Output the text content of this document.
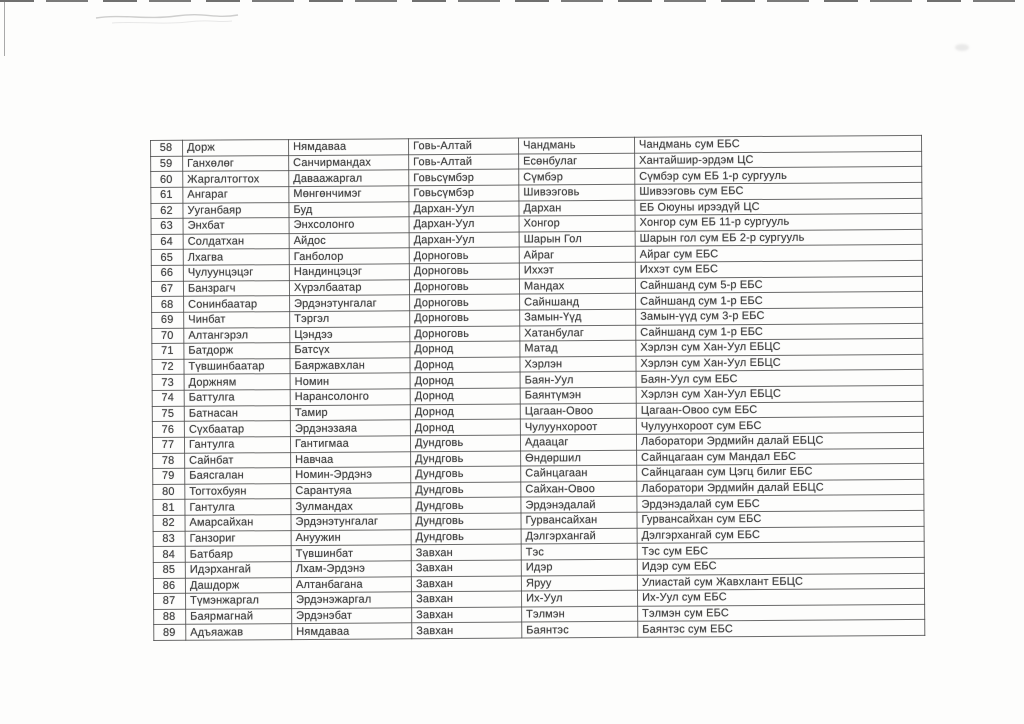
58	Дорж	Нямдаваа	Говь-Алтай	Чандмань	Чандмань сум ЕБС
59	Ганхөлөг	Санчирмандах	Говь-Алтай	Есөнбулаг	Хантайшир-эрдэм ЦС
60	Жаргалтогтох	Даваажаргал	Говьсүмбэр	Сүмбэр	Сүмбэр сум ЕБ 1-р сургууль
61	Ангараг	Мөнгөнчимэг	Говьсүмбэр	Шивээговь	Шивээговь сум ЕБС
62	Ууганбаяр	Буд	Дархан-Уул	Дархан	ЕБ Оюуны ирээдүй ЦС
63	Энхбат	Энхсолонго	Дархан-Уул	Хонгор	Хонгор сум ЕБ 11-р сургууль
64	Солдатхан	Айдос	Дархан-Уул	Шарын Гол	Шарын гол сум ЕБ 2-р сургууль
65	Лхагва	Ганболор	Дорноговь	Айраг	Айраг сум ЕБС
66	Чулуунцэцэг	Нандинцэцэг	Дорноговь	Иххэт	Иххэт сум ЕБС
67	Банзрагч	Хүрэлбаатар	Дорноговь	Мандах	Сайншанд сум 5-р ЕБС
68	Сонинбаатар	Эрдэнэтунгалаг	Дорноговь	Сайншанд	Сайншанд сум 1-р ЕБС
69	Чинбат	Тэргэл	Дорноговь	Замын-Үүд	Замын-үүд сум 3-р ЕБС
70	Алтангэрэл	Цэндээ	Дорноговь	Хатанбулаг	Сайншанд сум 1-р ЕБС
71	Батдорж	Батсүх	Дорнод	Матад	Хэрлэн сум Хан-Уул ЕБЦС
72	Түвшинбаатар	Баяржавхлан	Дорнод	Хэрлэн	Хэрлэн сум Хан-Уул ЕБЦС
73	Доржням	Номин	Дорнод	Баян-Уул	Баян-Уул сум ЕБС
74	Баттулга	Нарансолонго	Дорнод	Баянтүмэн	Хэрлэн сум Хан-Уул ЕБЦС
75	Батнасан	Тамир	Дорнод	Цагаан-Овоо	Цагаан-Овоо сум ЕБС
76	Сүхбаатар	Эрдэнэзаяа	Дорнод	Чулуунхороот	Чулуунхороот сум ЕБС
77	Гантулга	Гантигмаа	Дундговь	Адаацаг	Лаборатори Эрдмийн далай ЕБЦС
78	Сайнбат	Навчаа	Дундговь	Өндөршил	Сайнцагаан сум Мандал ЕБС
79	Баясгалан	Номин-Эрдэнэ	Дундговь	Сайнцагаан	Сайнцагаан сум Цэгц билиг ЕБС
80	Тогтохбуян	Сарантуяа	Дундговь	Сайхан-Овоо	Лаборатори Эрдмийн далай ЕБЦС
81	Гантулга	Зулмандах	Дундговь	Эрдэнэдалай	Эрдэнэдалай сум ЕБС
82	Амарсайхан	Эрдэнэтунгалаг	Дундговь	Гурвансайхан	Гурвансайхан сум ЕБС
83	Ганзориг	Ануужин	Дундговь	Дэлгэрхангай	Дэлгэрхангай сум ЕБС
84	Батбаяр	Түвшинбат	Завхан	Тэс	Тэс сум ЕБС
85	Идэрхангай	Лхам-Эрдэнэ	Завхан	Идэр	Идэр сум ЕБС
86	Дашдорж	Алтанбагана	Завхан	Яруу	Улиастай сум Жавхлант ЕБЦС
87	Түмэнжаргал	Эрдэнэжаргал	Завхан	Их-Уул	Их-Уул сум ЕБС
88	Баярмагнай	Эрдэнэбат	Завхан	Тэлмэн	Тэлмэн сум ЕБС
89	Адъяажав	Нямдаваа	Завхан	Баянтэс	Баянтэс сум ЕБС
